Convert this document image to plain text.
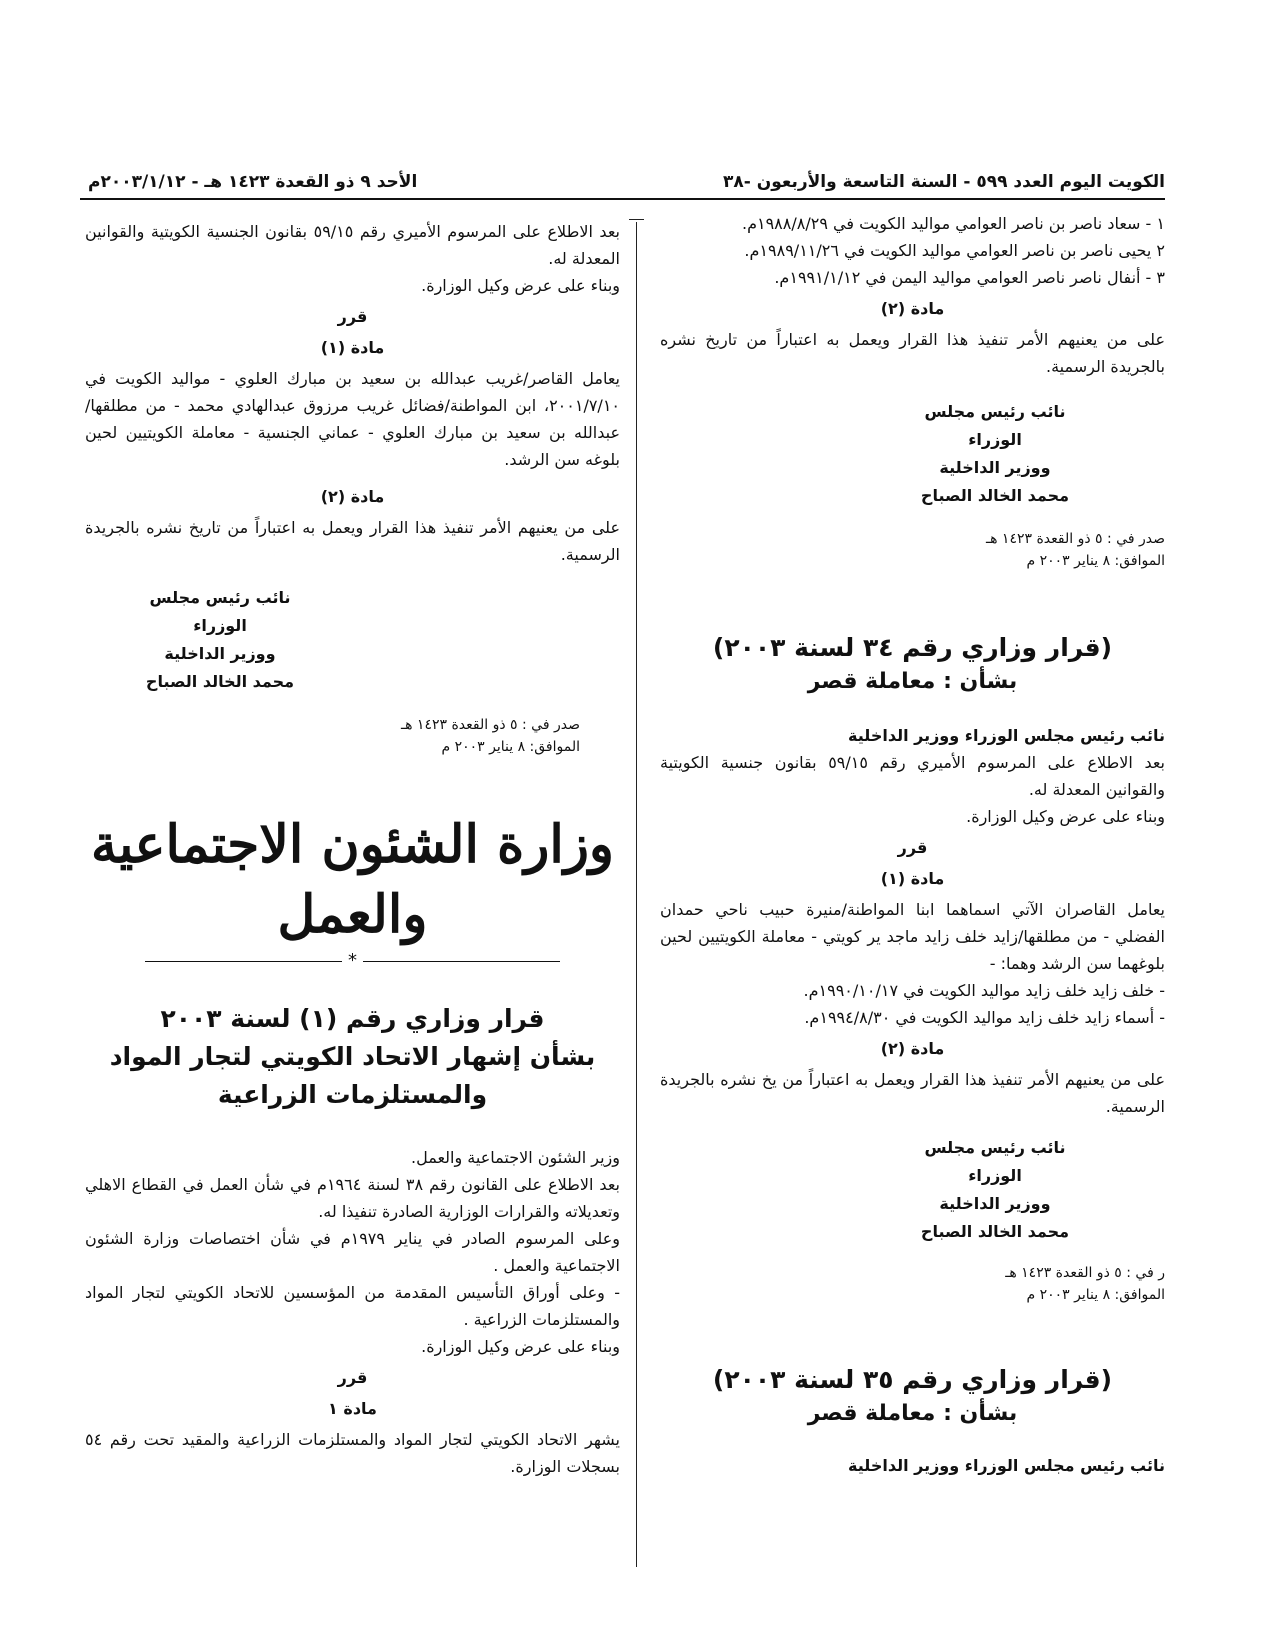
الكويت اليوم العدد ٥٩٩ - السنة التاسعة والأربعون -٣٨
الأحد ٩ ذو القعدة ١٤٢٣ هـ - ٢٠٠٣/١/١٢م

١ - سعاد ناصر بن ناصر العوامي مواليد الكويت في ١٩٨٨/٨/٢٩م.

٢ يحيى ناصر بن ناصر العوامي مواليد الكويت في ١٩٨٩/١١/٢٦م.

٣ - أنفال ناصر ناصر العوامي مواليد اليمن في ١٩٩١/١/١٢م.

مادة (٢)

على من يعنيهم الأمر تنفيذ هذا القرار ويعمل به اعتباراً من تاريخ نشره بالجريدة الرسمية.

نائب رئيس مجلس الوزراء

ووزير الداخلية

محمد الخالد الصباح

صدر في : ٥ ذو القعدة ١٤٢٣ هـ

الموافق: ٨ يناير ٢٠٠٣ م

(قرار وزاري رقم ٣٤ لسنة ٢٠٠٣)

بشأن : معاملة قصر

نائب رئيس مجلس الوزراء ووزير الداخلية

بعد الاطلاع على المرسوم الأميري رقم ٥٩/١٥ بقانون جنسية الكويتية والقوانين المعدلة له.

وبناء على عرض وكيل الوزارة.

قرر

مادة (١)

يعامل القاصران الآتي اسماهما ابنا المواطنة/منيرة حبيب ناحي حمدان الفضلي - من مطلقها/زايد خلف زايد ماجد ير كويتي - معاملة الكويتيين لحين بلوغهما سن الرشد وهما: -

- خلف زايد خلف زايد مواليد الكويت في ١٩٩٠/١٠/١٧م.

- أسماء زايد خلف زايد مواليد الكويت في ١٩٩٤/٨/٣٠م.

مادة (٢)

على من يعنيهم الأمر تنفيذ هذا القرار ويعمل به اعتباراً من يخ نشره بالجريدة الرسمية.

نائب رئيس مجلس الوزراء

ووزير الداخلية

محمد الخالد الصباح

ر في : ٥ ذو القعدة ١٤٢٣ هـ

الموافق: ٨ يناير ٢٠٠٣ م

(قرار وزاري رقم ٣٥ لسنة ٢٠٠٣)

بشأن : معاملة قصر

نائب رئيس مجلس الوزراء ووزير الداخلية

بعد الاطلاع على المرسوم الأميري رقم ٥٩/١٥ بقانون الجنسية الكويتية والقوانين المعدلة له.

وبناء على عرض وكيل الوزارة.

قرر

مادة (١)

يعامل القاصر/غريب عبدالله بن سعيد بن مبارك العلوي - مواليد الكويت في ٢٠٠١/٧/١٠، ابن المواطنة/فضائل غريب مرزوق عبدالهادي محمد - من مطلقها/عبدالله بن سعيد بن مبارك العلوي - عماني الجنسية - معاملة الكويتيين لحين بلوغه سن الرشد.

مادة (٢)

على من يعنيهم الأمر تنفيذ هذا القرار ويعمل به اعتباراً من تاريخ نشره بالجريدة الرسمية.

نائب رئيس مجلس الوزراء

ووزير الداخلية

محمد الخالد الصباح

صدر في : ٥ ذو القعدة ١٤٢٣ هـ

الموافق: ٨ يناير ٢٠٠٣ م

وزارة الشئون الاجتماعية والعمل

*

قرار وزاري رقم (١) لسنة ٢٠٠٣

بشأن إشهار الاتحاد الكويتي لتجار المواد

والمستلزمات الزراعية

وزير الشئون الاجتماعية والعمل.

بعد الاطلاع على القانون رقم ٣٨ لسنة ١٩٦٤م في شأن العمل في القطاع الاهلي وتعديلاته والقرارات الوزارية الصادرة تنفيذا له.

وعلى المرسوم الصادر في يناير ١٩٧٩م في شأن اختصاصات وزارة الشئون الاجتماعية والعمل .

- وعلى أوراق التأسيس المقدمة من المؤسسين للاتحاد الكويتي لتجار المواد والمستلزمات الزراعية .

وبناء على عرض وكيل الوزارة.

قرر

مادة ١

يشهر الاتحاد الكويتي لتجار المواد والمستلزمات الزراعية والمقيد تحت رقم ٥٤ بسجلات الوزارة.
